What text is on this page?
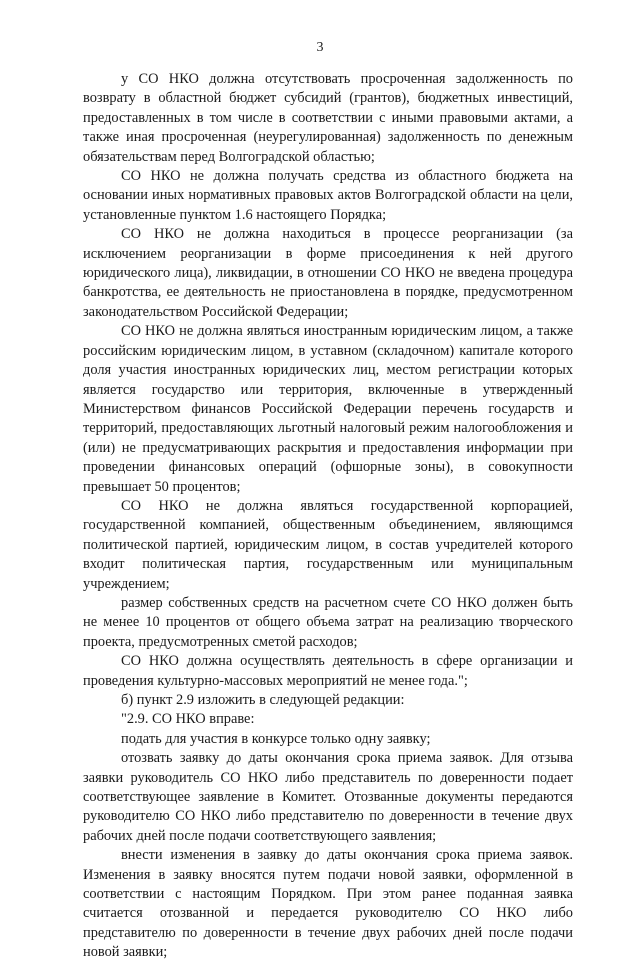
3

у СО НКО должна отсутствовать просроченная задолженность по возврату в областной бюджет субсидий (грантов), бюджетных инвестиций, предоставленных в том числе в соответствии с иными правовыми актами, а также иная просроченная (неурегулированная) задолженность по денежным обязательствам перед Волгоградской областью;

СО НКО не должна получать средства из областного бюджета на основании иных нормативных правовых актов Волгоградской области на цели, установленные пунктом 1.6 настоящего Порядка;

СО НКО не должна находиться в процессе реорганизации (за исключением реорганизации в форме присоединения к ней другого юридического лица), ликвидации, в отношении СО НКО не введена процедура банкротства, ее деятельность не приостановлена в порядке, предусмотренном законодательством Российской Федерации;

СО НКО не должна являться иностранным юридическим лицом, а также российским юридическим лицом, в уставном (складочном) капитале которого доля участия иностранных юридических лиц, местом регистрации которых является государство или территория, включенные в утвержденный Министерством финансов Российской Федерации перечень государств и территорий, предоставляющих льготный налоговый режим налогообложения и (или) не предусматривающих раскрытия и предоставления информации при проведении финансовых операций (офшорные зоны), в совокупности превышает 50 процентов;

СО НКО не должна являться государственной корпорацией, государственной компанией, общественным объединением, являющимся политической партией, юридическим лицом, в состав учредителей которого входит политическая партия, государственным или муниципальным учреждением;

размер собственных средств на расчетном счете СО НКО должен быть не менее 10 процентов от общего объема затрат на реализацию творческого проекта, предусмотренных сметой расходов;

СО НКО должна осуществлять деятельность в сфере организации и проведения культурно-массовых мероприятий не менее года.";

б) пункт 2.9 изложить в следующей редакции:

"2.9. СО НКО вправе:

подать для участия в конкурсе только одну заявку;

отозвать заявку до даты окончания срока приема заявок. Для отзыва заявки руководитель СО НКО либо представитель по доверенности подает соответствующее заявление в Комитет. Отозванные документы передаются руководителю СО НКО либо представителю по доверенности в течение двух рабочих дней после подачи соответствующего заявления;

внести изменения в заявку до даты окончания срока приема заявок. Изменения в заявку вносятся путем подачи новой заявки, оформленной в соответствии с настоящим Порядком. При этом ранее поданная заявка считается отозванной и передается руководителю СО НКО либо представителю по доверенности в течение двух рабочих дней после подачи новой заявки;
